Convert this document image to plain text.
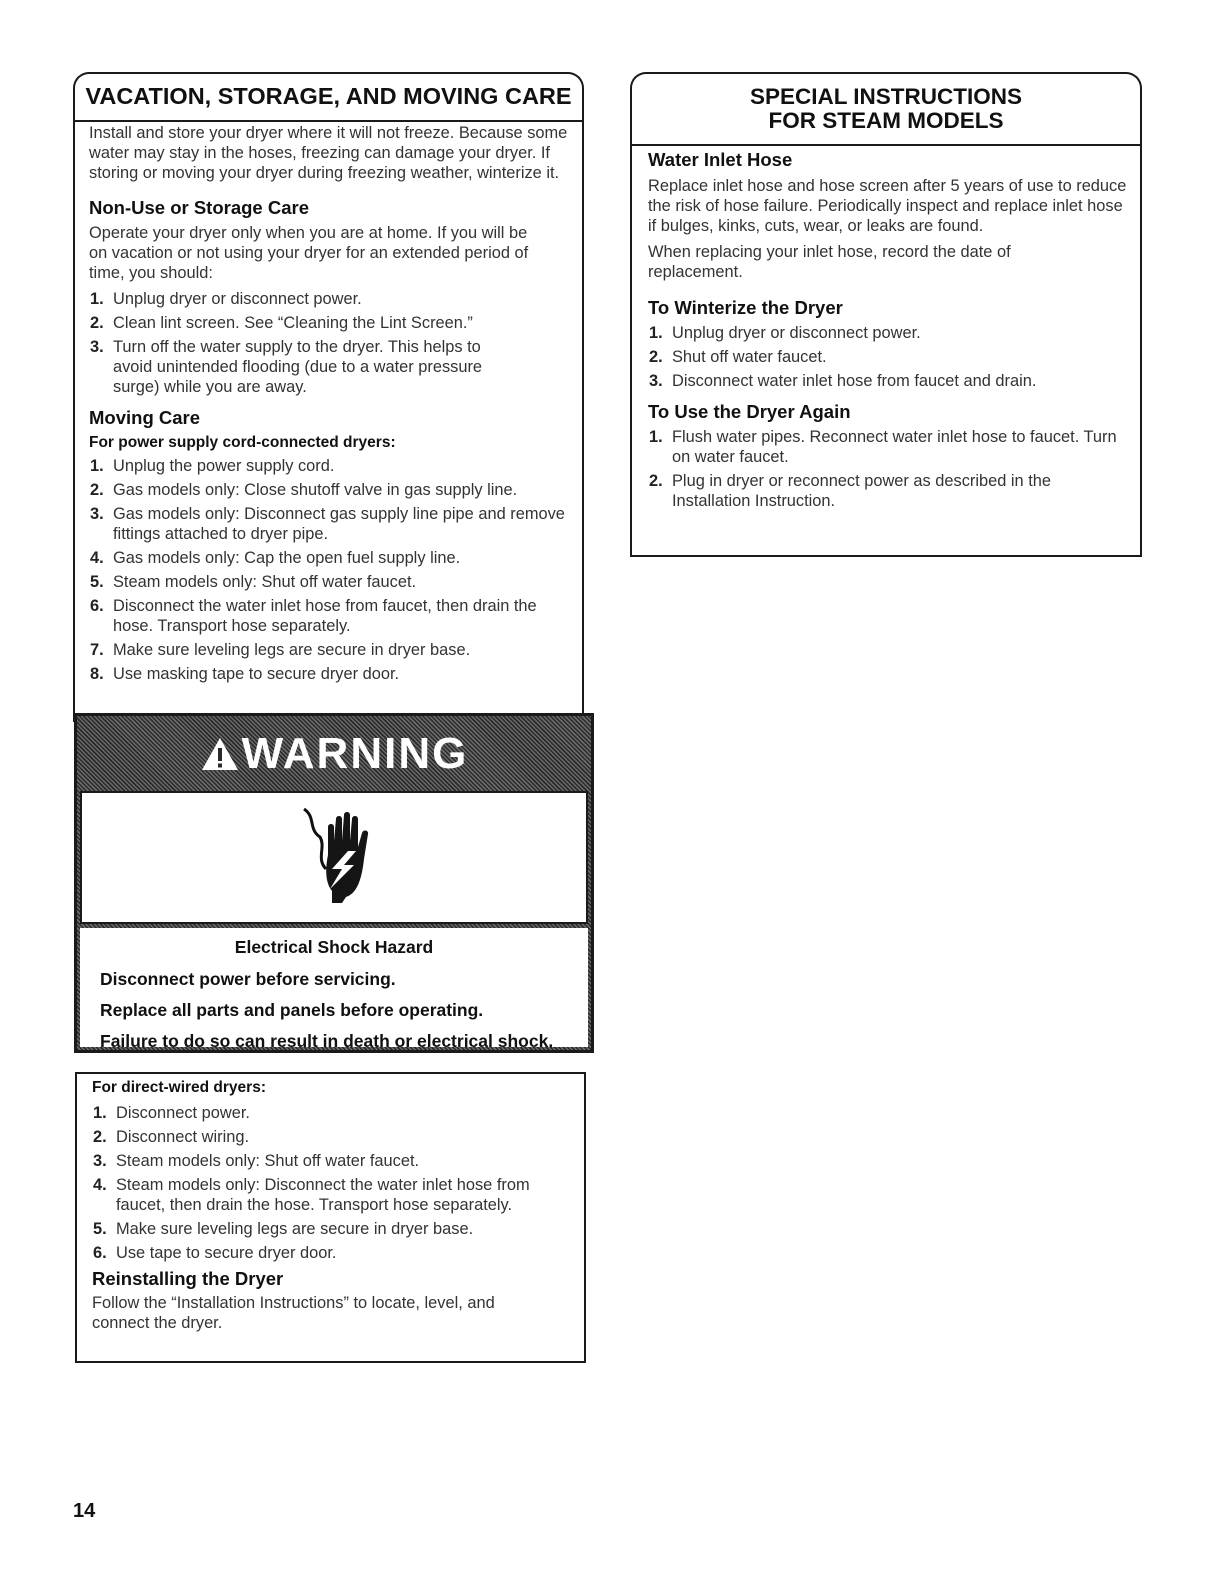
VACATION, STORAGE, AND MOVING CARE

Install and store your dryer where it will not freeze. Because some water may stay in the hoses, freezing can damage your dryer. If storing or moving your dryer during freezing weather, winterize it.

Non-Use or Storage Care

Operate your dryer only when you are at home. If you will be on vacation or not using your dryer for an extended period of time, you should:

1. Unplug dryer or disconnect power.
2. Clean lint screen. See “Cleaning the Lint Screen.”
3. Turn off the water supply to the dryer. This helps to avoid unintended flooding (due to a water pressure surge) while you are away.

Moving Care

For power supply cord-connected dryers:

1. Unplug the power supply cord.
2. Gas models only: Close shutoff valve in gas supply line.
3. Gas models only: Disconnect gas supply line pipe and remove fittings attached to dryer pipe.
4. Gas models only: Cap the open fuel supply line.
5. Steam models only: Shut off water faucet.
6. Disconnect the water inlet hose from faucet, then drain the hose. Transport hose separately.
7. Make sure leveling legs are secure in dryer base.
8. Use masking tape to secure dryer door.
WARNING
Electrical Shock Hazard
Disconnect power before servicing.
Replace all parts and panels before operating.
Failure to do so can result in death or electrical shock.

For direct-wired dryers:

1. Disconnect power.
2. Disconnect wiring.
3. Steam models only: Shut off water faucet.
4. Steam models only: Disconnect the water inlet hose from faucet, then drain the hose. Transport hose separately.
5. Make sure leveling legs are secure in dryer base.
6. Use tape to secure dryer door.

Reinstalling the Dryer

Follow the “Installation Instructions” to locate, level, and connect the dryer.

SPECIAL INSTRUCTIONS
FOR STEAM MODELS

Water Inlet Hose

Replace inlet hose and hose screen after 5 years of use to reduce the risk of hose failure. Periodically inspect and replace inlet hose if bulges, kinks, cuts, wear, or leaks are found.

When replacing your inlet hose, record the date of replacement.

To Winterize the Dryer

1. Unplug dryer or disconnect power.
2. Shut off water faucet.
3. Disconnect water inlet hose from faucet and drain.

To Use the Dryer Again

1. Flush water pipes. Reconnect water inlet hose to faucet. Turn on water faucet.
2. Plug in dryer or reconnect power as described in the Installation Instruction.
14
